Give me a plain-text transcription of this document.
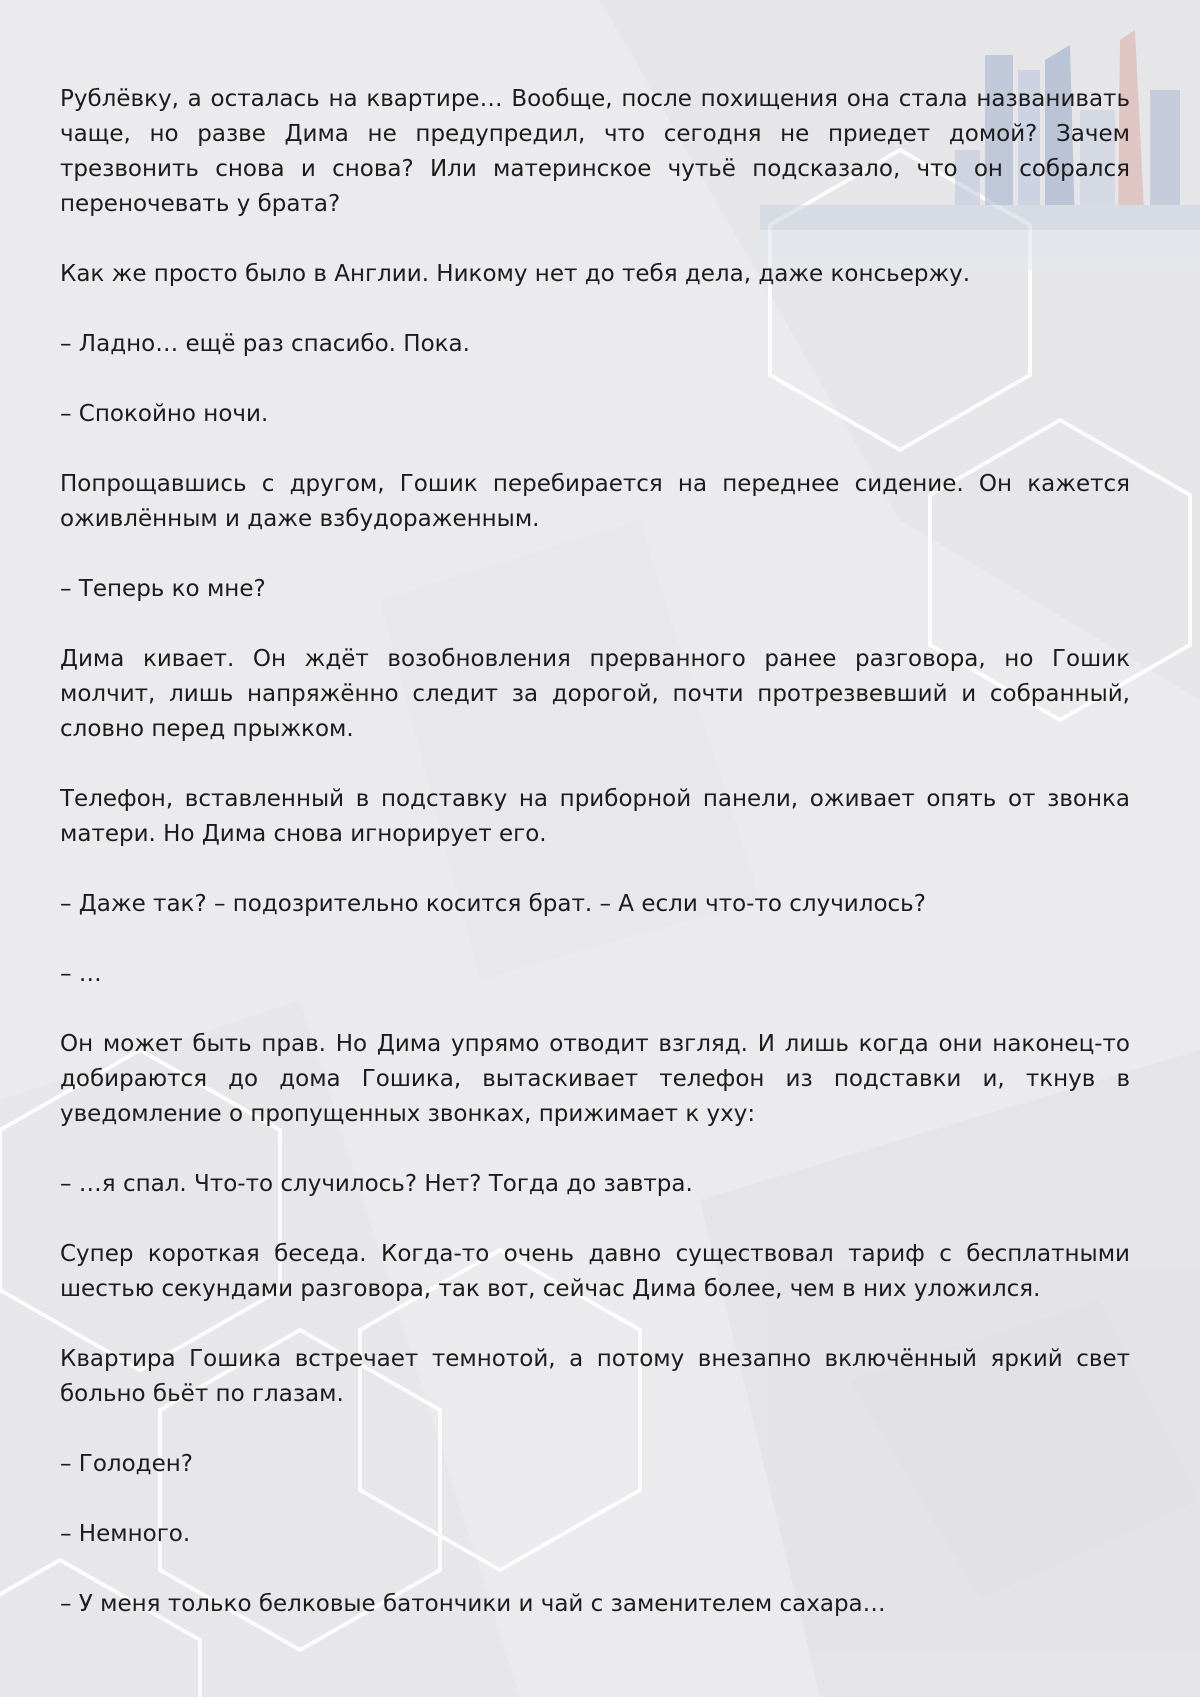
Рублёвку, а осталась на квартире… Вообще, после похищения она стала названивать чаще, но разве Дима не предупредил, что сегодня не приедет домой? Зачем трезвонить снова и снова? Или материнское чутьё подсказало, что он собрался переночевать у брата?

Как же просто было в Англии. Никому нет до тебя дела, даже консьержу.

– Ладно… ещё раз спасибо. Пока.

– Спокойно ночи.

Попрощавшись с другом, Гошик перебирается на переднее сидение. Он кажется оживлённым и даже взбудораженным.

– Теперь ко мне?

Дима кивает. Он ждёт возобновления прерванного ранее разговора, но Гошик молчит, лишь напряжённо следит за дорогой, почти протрезвевший и собранный, словно перед прыжком.

Телефон, вставленный в подставку на приборной панели, оживает опять от звонка матери. Но Дима снова игнорирует его.

– Даже так? – подозрительно косится брат. – А если что-то случилось?

– …

Он может быть прав. Но Дима упрямо отводит взгляд. И лишь когда они наконец-то добираются до дома Гошика, вытаскивает телефон из подставки и, ткнув в уведомление о пропущенных звонках, прижимает к уху:

– …я спал. Что-то случилось? Нет? Тогда до завтра.

Супер короткая беседа. Когда-то очень давно существовал тариф с бесплатными шестью секундами разговора, так вот, сейчас Дима более, чем в них уложился.

Квартира Гошика встречает темнотой, а потому внезапно включённый яркий свет больно бьёт по глазам.

– Голоден?

– Немного.

– У меня только белковые батончики и чай с заменителем сахара…
